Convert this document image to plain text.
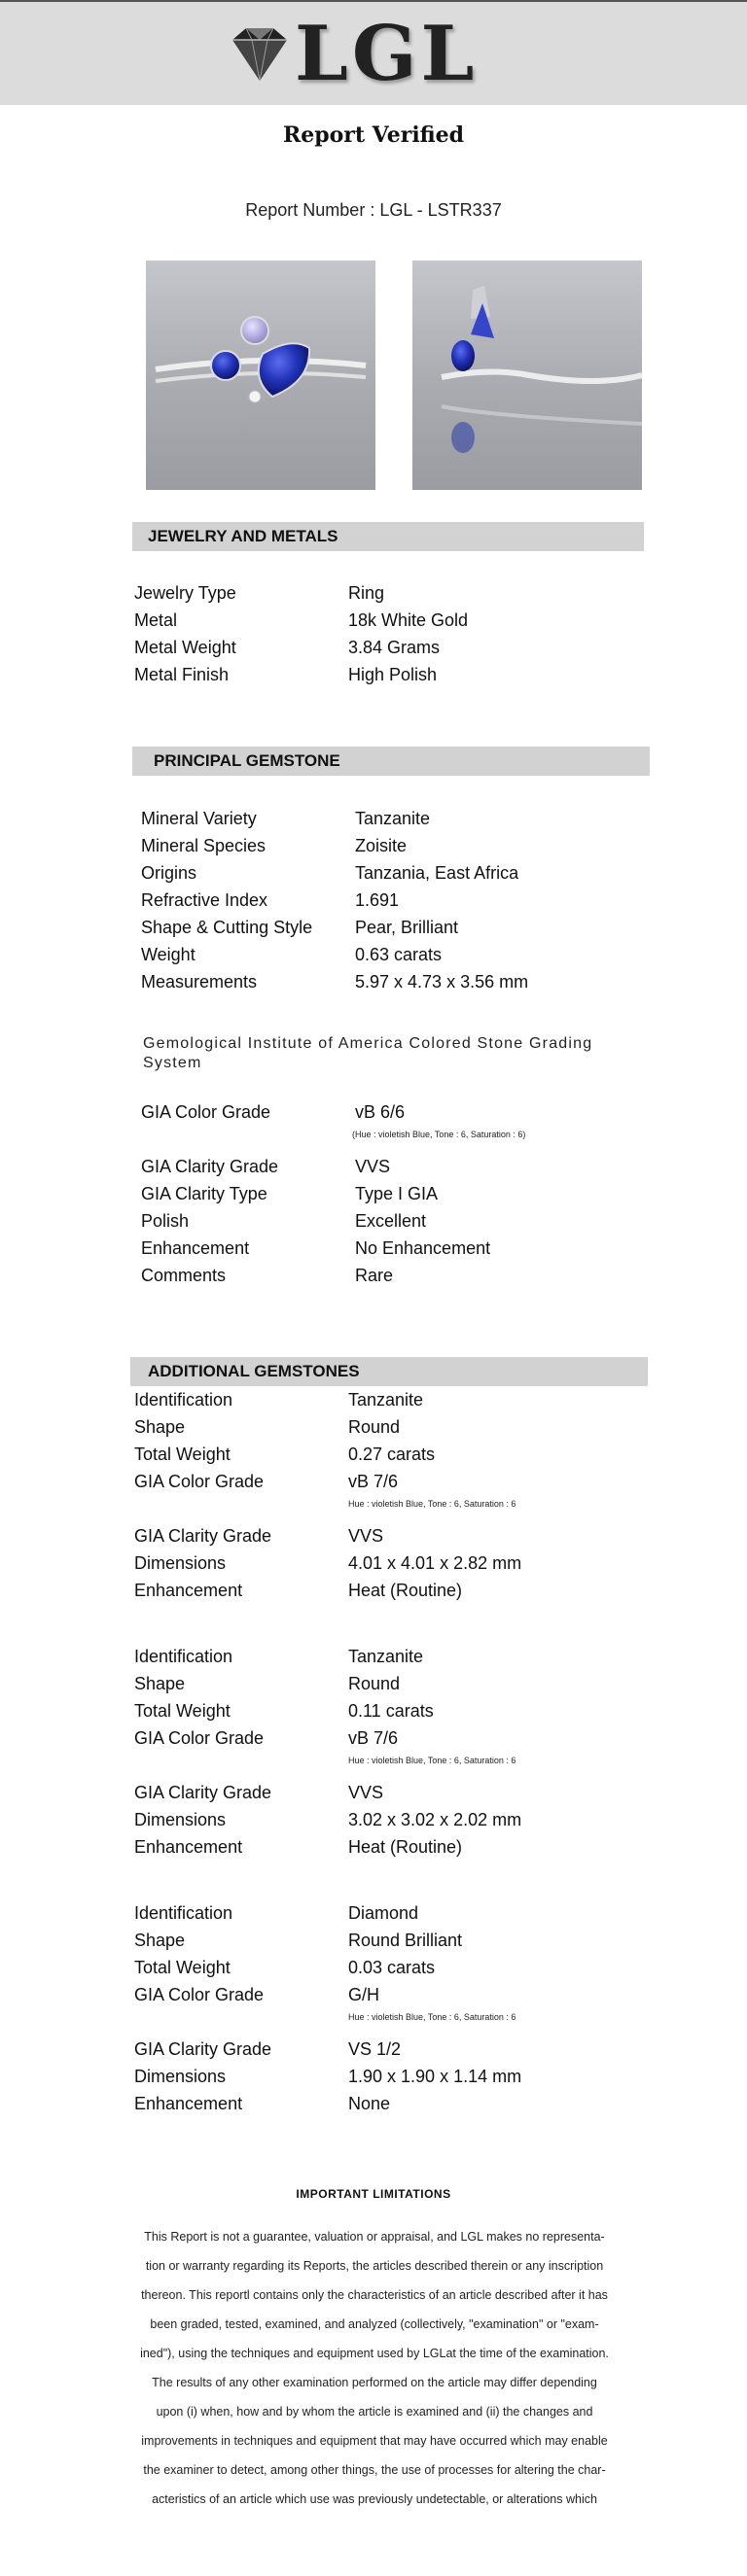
LGL
Report Verified
Report Number : LGL - LSTR337
JEWELRY AND METALS
Jewelry Type	Ring
Metal	18k White Gold
Metal Weight	3.84 Grams
Metal Finish	High Polish
PRINCIPAL GEMSTONE
Mineral Variety	Tanzanite
Mineral Species	Zoisite
Origins	Tanzania, East Africa
Refractive Index	1.691
Shape & Cutting Style Pear, Brilliant
Weight	0.63 carats
Measurements	5.97 x 4.73 x 3.56 mm
Gemological Institute of America Colored Stone Grading
System
GIA Color Grade	vB 6/6
(Hue : violetish Blue, Tone : 6, Saturation : 6)
GIA Clarity Grade	VVS
GIA Clarity Type	Type I GIA
Polish	Excellent
Enhancement	No Enhancement
Comments	Rare
ADDITIONAL GEMSTONES
Identification	Tanzanite
Shape	Round
Total Weight	0.27 carats
GIA Color Grade	vB 7/6
Hue : violetish Blue, Tone : 6, Saturation : 6
GIA Clarity Grade	VVS
Dimensions	4.01 x 4.01 x 2.82 mm
Enhancement	Heat (Routine)
Identification	Tanzanite
Shape	Round
Total Weight	0.11 carats
GIA Color Grade	vB 7/6
Hue : violetish Blue, Tone : 6, Saturation : 6
GIA Clarity Grade	VVS
Dimensions	3.02 x 3.02 x 2.02 mm
Enhancement	Heat (Routine)
Identification	Diamond
Shape	Round Brilliant
Total Weight	0.03 carats
GIA Color Grade	G/H
Hue : violetish Blue, Tone : 6, Saturation : 6
GIA Clarity Grade	VS 1/2
Dimensions	1.90 x 1.90 x 1.14 mm
Enhancement	None
IMPORTANT LIMITATIONS
This Report is not a guarantee, valuation or appraisal, and LGL makes no representa-
tion or warranty regarding its Reports, the articles described therein or any inscription
thereon. This reportl contains only the characteristics of an article described after it has
been graded, tested, examined, and analyzed (collectively, "examination" or "exam-
ined"), using the techniques and equipment used by LGLat the time of the examination.
The results of any other examination performed on the article may differ depending
upon (i) when, how and by whom the article is examined and (ii) the changes and
improvements in techniques and equipment that may have occurred which may enable
the examiner to detect, among other things, the use of processes for altering the char-
acteristics of an article which use was previously undetectable, or alterations which
